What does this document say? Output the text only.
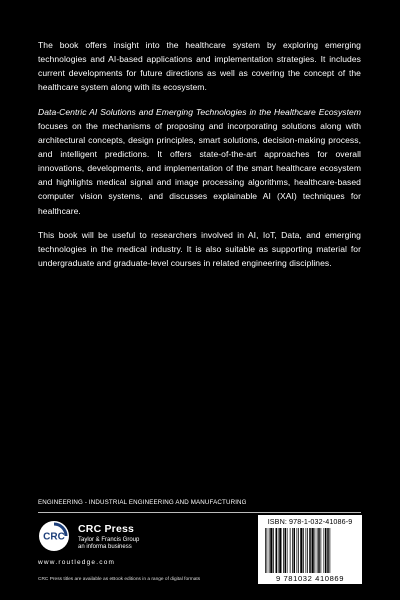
The book offers insight into the healthcare system by exploring emerging technologies and AI-based applications and implementation strategies. It includes current developments for future directions as well as covering the concept of the healthcare system along with its ecosystem.

Data-Centric AI Solutions and Emerging Technologies in the Healthcare Ecosystem focuses on the mechanisms of proposing and incorporating solutions along with architectural concepts, design principles, smart solutions, decision-making process, and intelligent predictions. It offers state-of-the-art approaches for overall innovations, developments, and implementation of the smart healthcare ecosystem and highlights medical signal and image processing algorithms, healthcare-based computer vision systems, and discusses explainable AI (XAI) techniques for healthcare.

This book will be useful to researchers involved in AI, IoT, Data, and emerging technologies in the medical industry. It is also suitable as supporting material for undergraduate and graduate-level courses in related engineering disciplines.

ENGINEERING - INDUSTRIAL ENGINEERING AND MANUFACTURING
CRC
CRC Press
Taylor & Francis Group
an informa business
www.routledge.com
CRC Press titles are available as eBook editions in a range of digital formats
ISBN: 978-1-032-41086-9
9 781032 410869
